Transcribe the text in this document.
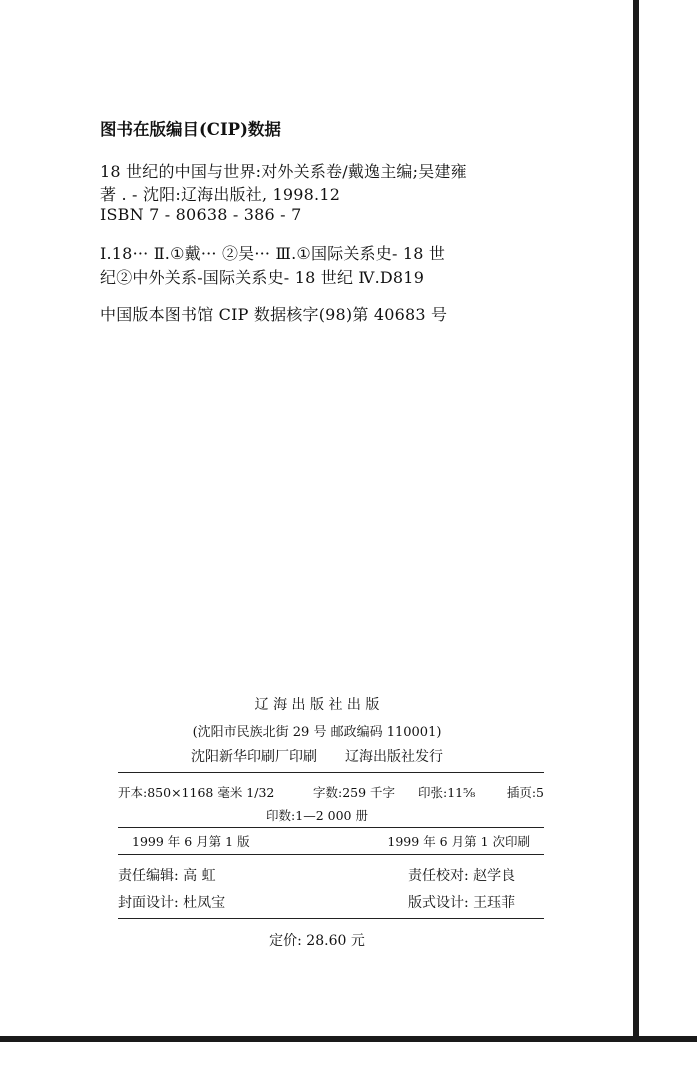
图书在版编目(CIP)数据
18 世纪的中国与世界:对外关系卷/戴逸主编;吴建雍
著 . - 沈阳:辽海出版社, 1998.12
ISBN 7 - 80638 - 386 - 7
Ⅰ.18··· Ⅱ.①戴··· ②吴··· Ⅲ.①国际关系史- 18 世
纪②中外关系-国际关系史- 18 世纪 Ⅳ.D819
中国版本图书馆 CIP 数据核字(98)第 40683 号
辽 海 出 版 社 出 版
(沈阳市民族北街 29 号 邮政编码 110001)
沈阳新华印刷厂印刷 辽海出版社发行
开本:850×1168 毫米 1/32	字数:259 千字 印张:11⅝	插页:5
印数:1—2 000 册
1999 年 6 月第 1 版	1999 年 6 月第 1 次印刷
责任编辑: 高 虹	责任校对: 赵学良
封面设计: 杜凤宝	版式设计: 王珏菲
定价: 28.60 元
